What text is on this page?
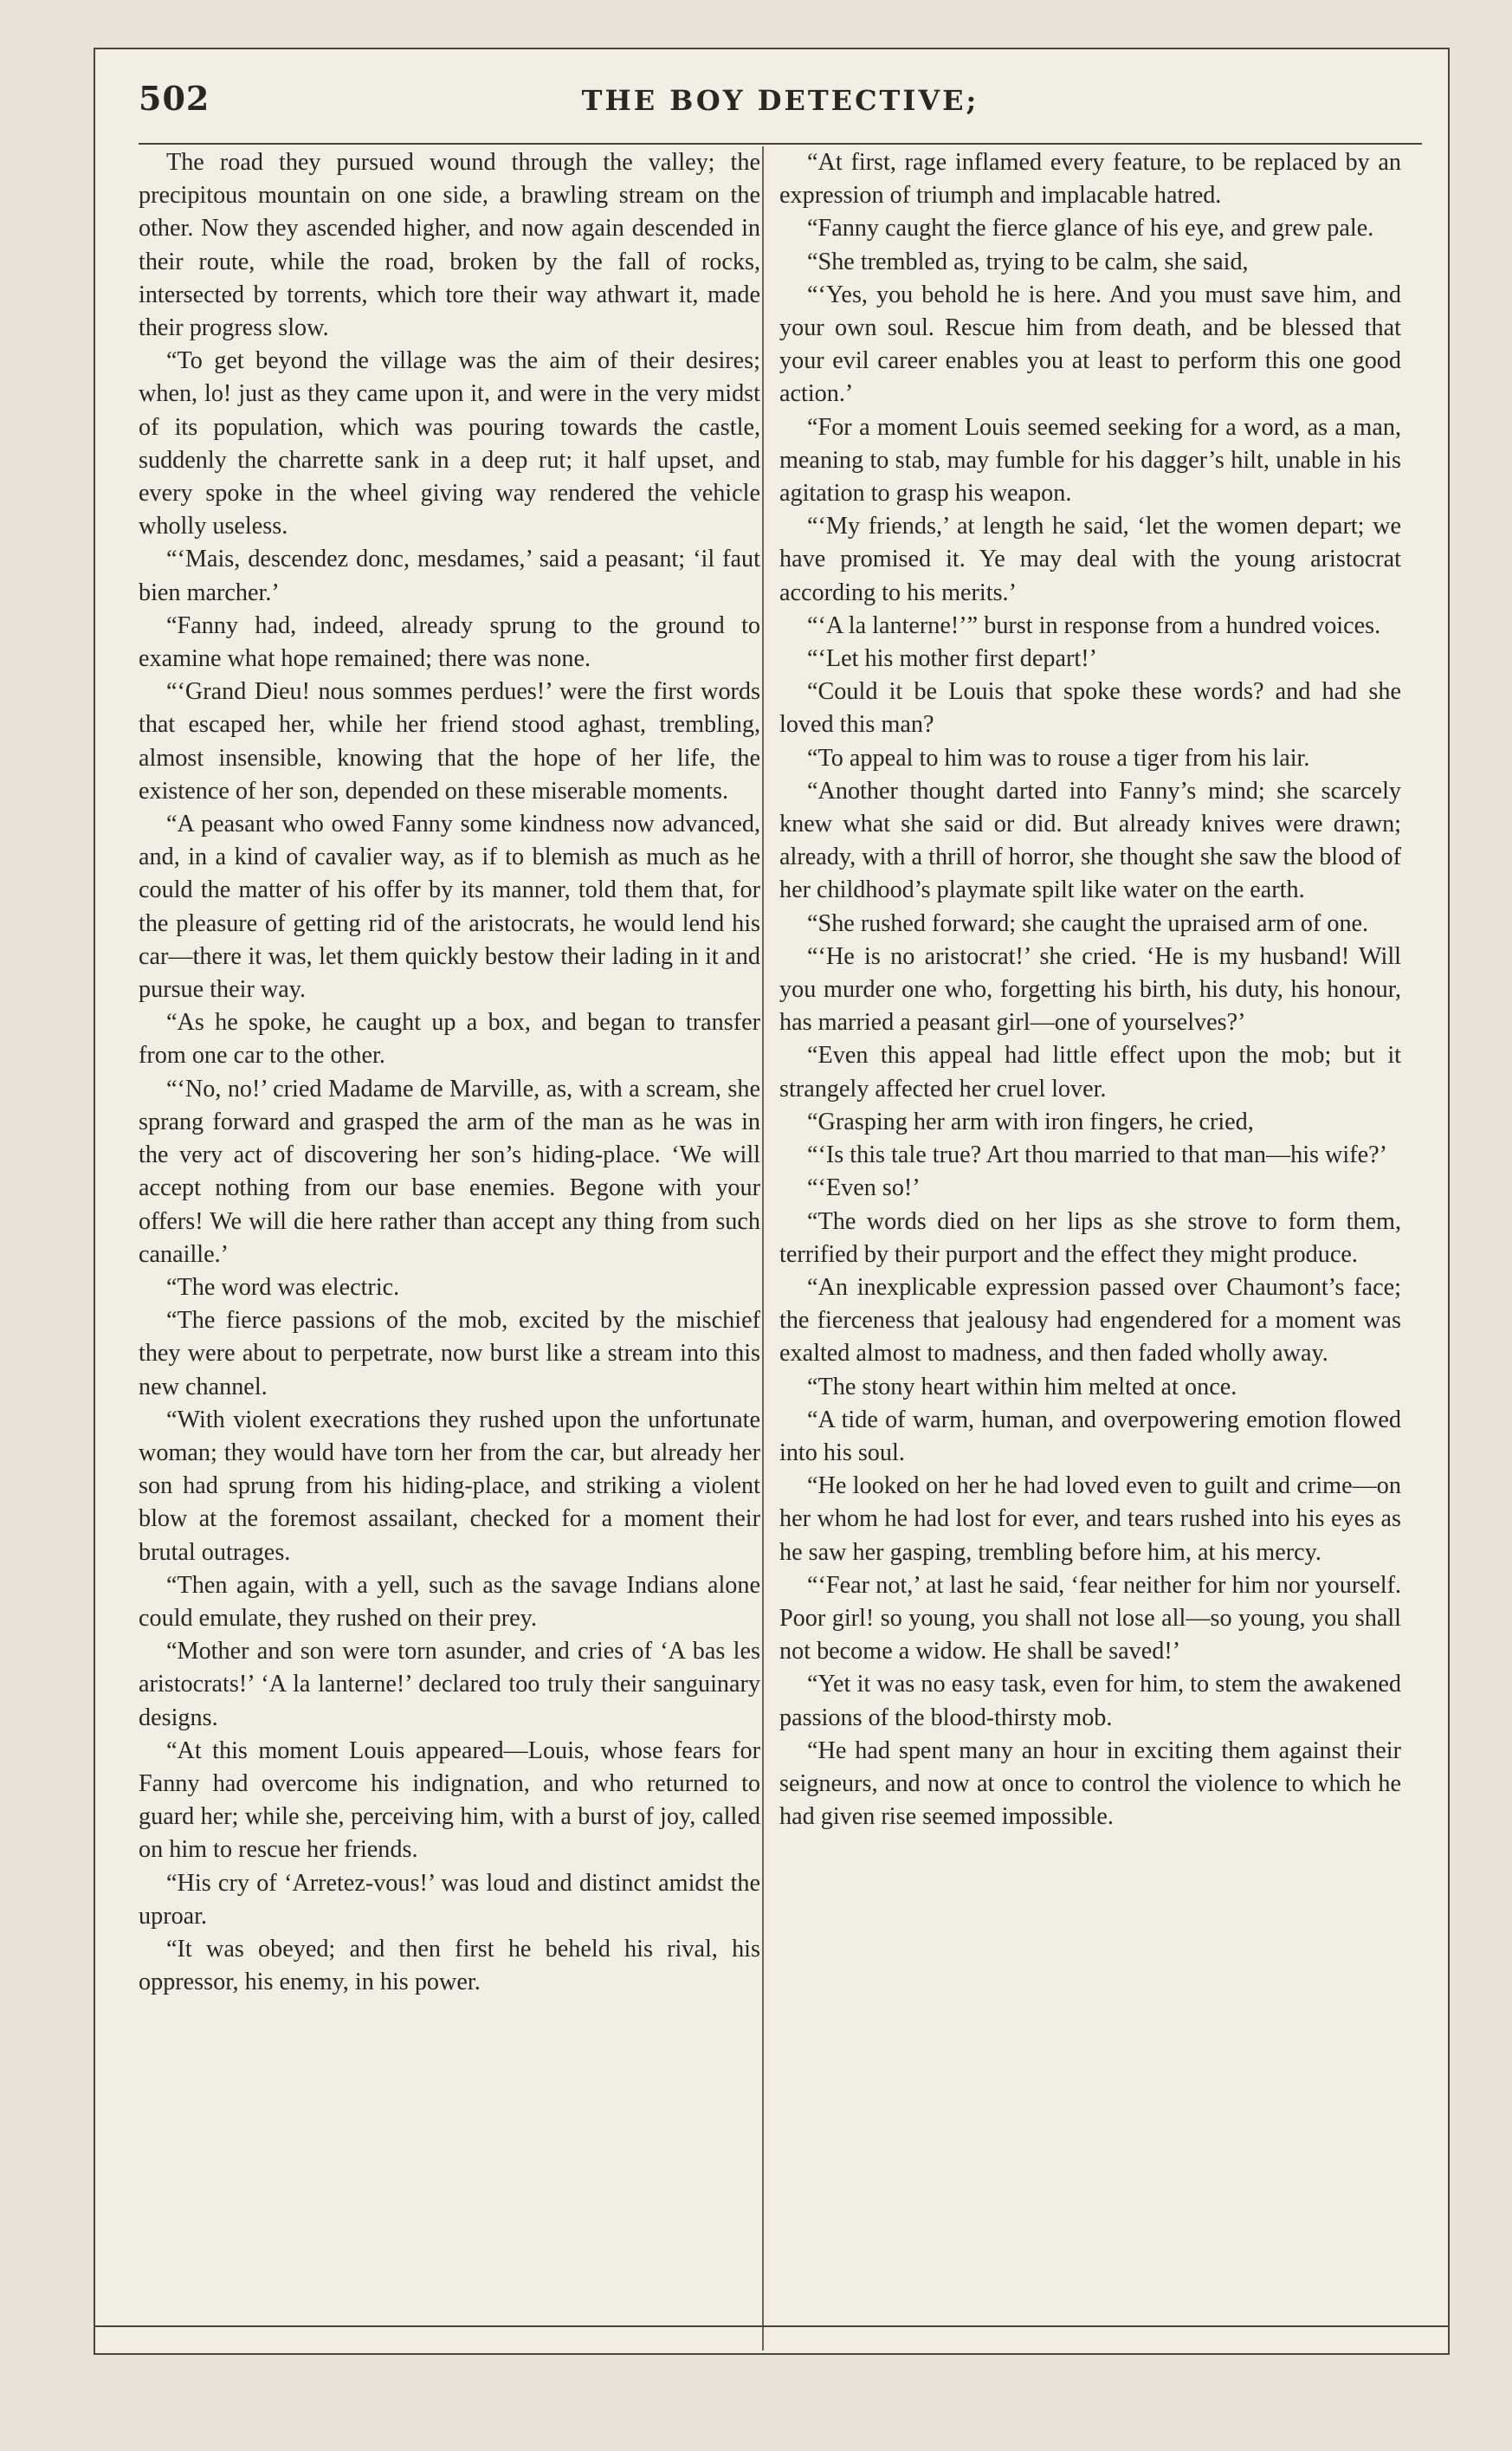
502	THE BOY DETECTIVE;

The road they pursued wound through the valley; the precipitous mountain on one side, a brawling stream on the other. Now they ascended higher, and now again descended in their route, while the road, broken by the fall of rocks, intersected by torrents, which tore their way athwart it, made their progress slow.

“To get beyond the village was the aim of their desires; when, lo! just as they came upon it, and were in the very midst of its population, which was pouring towards the castle, suddenly the charrette sank in a deep rut; it half upset, and every spoke in the wheel giving way rendered the vehicle wholly useless.

“‘Mais, descendez donc, mesdames,’ said a peasant; ‘il faut bien marcher.’

“Fanny had, indeed, already sprung to the ground to examine what hope remained; there was none.

“‘Grand Dieu! nous sommes perdues!’ were the first words that escaped her, while her friend stood aghast, trembling, almost insensible, knowing that the hope of her life, the existence of her son, depended on these miserable moments.

“A peasant who owed Fanny some kindness now advanced, and, in a kind of cavalier way, as if to blemish as much as he could the matter of his offer by its manner, told them that, for the pleasure of getting rid of the aristocrats, he would lend his car—there it was, let them quickly bestow their lading in it and pursue their way.

“As he spoke, he caught up a box, and began to transfer from one car to the other.

“‘No, no!’ cried Madame de Marville, as, with a scream, she sprang forward and grasped the arm of the man as he was in the very act of discovering her son’s hiding-place. ‘We will accept nothing from our base enemies. Begone with your offers! We will die here rather than accept any thing from such canaille.’

“The word was electric.

“The fierce passions of the mob, excited by the mischief they were about to perpetrate, now burst like a stream into this new channel.

“With violent execrations they rushed upon the unfortunate woman; they would have torn her from the car, but already her son had sprung from his hiding-place, and striking a violent blow at the foremost assailant, checked for a moment their brutal outrages.

“Then again, with a yell, such as the savage Indians alone could emulate, they rushed on their prey.

“Mother and son were torn asunder, and cries of ‘A bas les aristocrats!’ ‘A la lanterne!’ declared too truly their sanguinary designs.

“At this moment Louis appeared—Louis, whose fears for Fanny had overcome his indignation, and who returned to guard her; while she, perceiving him, with a burst of joy, called on him to rescue her friends.

“His cry of ‘Arretez-vous!’ was loud and distinct amidst the uproar.

“It was obeyed; and then first he beheld his rival, his oppressor, his enemy, in his power.

“At first, rage inflamed every feature, to be replaced by an expression of triumph and implacable hatred.

“Fanny caught the fierce glance of his eye, and grew pale.

“She trembled as, trying to be calm, she said,

“‘Yes, you behold he is here. And you must save him, and your own soul. Rescue him from death, and be blessed that your evil career enables you at least to perform this one good action.’

“For a moment Louis seemed seeking for a word, as a man, meaning to stab, may fumble for his dagger’s hilt, unable in his agitation to grasp his weapon.

“‘My friends,’ at length he said, ‘let the women depart; we have promised it. Ye may deal with the young aristocrat according to his merits.’

“‘A la lanterne!’” burst in response from a hundred voices.

“‘Let his mother first depart!’

“Could it be Louis that spoke these words? and had she loved this man?

“To appeal to him was to rouse a tiger from his lair.

“Another thought darted into Fanny’s mind; she scarcely knew what she said or did. But already knives were drawn; already, with a thrill of horror, she thought she saw the blood of her childhood’s playmate spilt like water on the earth.

“She rushed forward; she caught the upraised arm of one.

“‘He is no aristocrat!’ she cried. ‘He is my husband! Will you murder one who, forgetting his birth, his duty, his honour, has married a peasant girl—one of yourselves?’

“Even this appeal had little effect upon the mob; but it strangely affected her cruel lover.

“Grasping her arm with iron fingers, he cried,

“‘Is this tale true? Art thou married to that man—his wife?’

“‘Even so!’

“The words died on her lips as she strove to form them, terrified by their purport and the effect they might produce.

“An inexplicable expression passed over Chaumont’s face; the fierceness that jealousy had engendered for a moment was exalted almost to madness, and then faded wholly away.

“The stony heart within him melted at once.

“A tide of warm, human, and overpowering emotion flowed into his soul.

“He looked on her he had loved even to guilt and crime—on her whom he had lost for ever, and tears rushed into his eyes as he saw her gasping, trembling before him, at his mercy.

“‘Fear not,’ at last he said, ‘fear neither for him nor yourself. Poor girl! so young, you shall not lose all—so young, you shall not become a widow. He shall be saved!’

“Yet it was no easy task, even for him, to stem the awakened passions of the blood-thirsty mob.

“He had spent many an hour in exciting them against their seigneurs, and now at once to control the violence to which he had given rise seemed impossible.
